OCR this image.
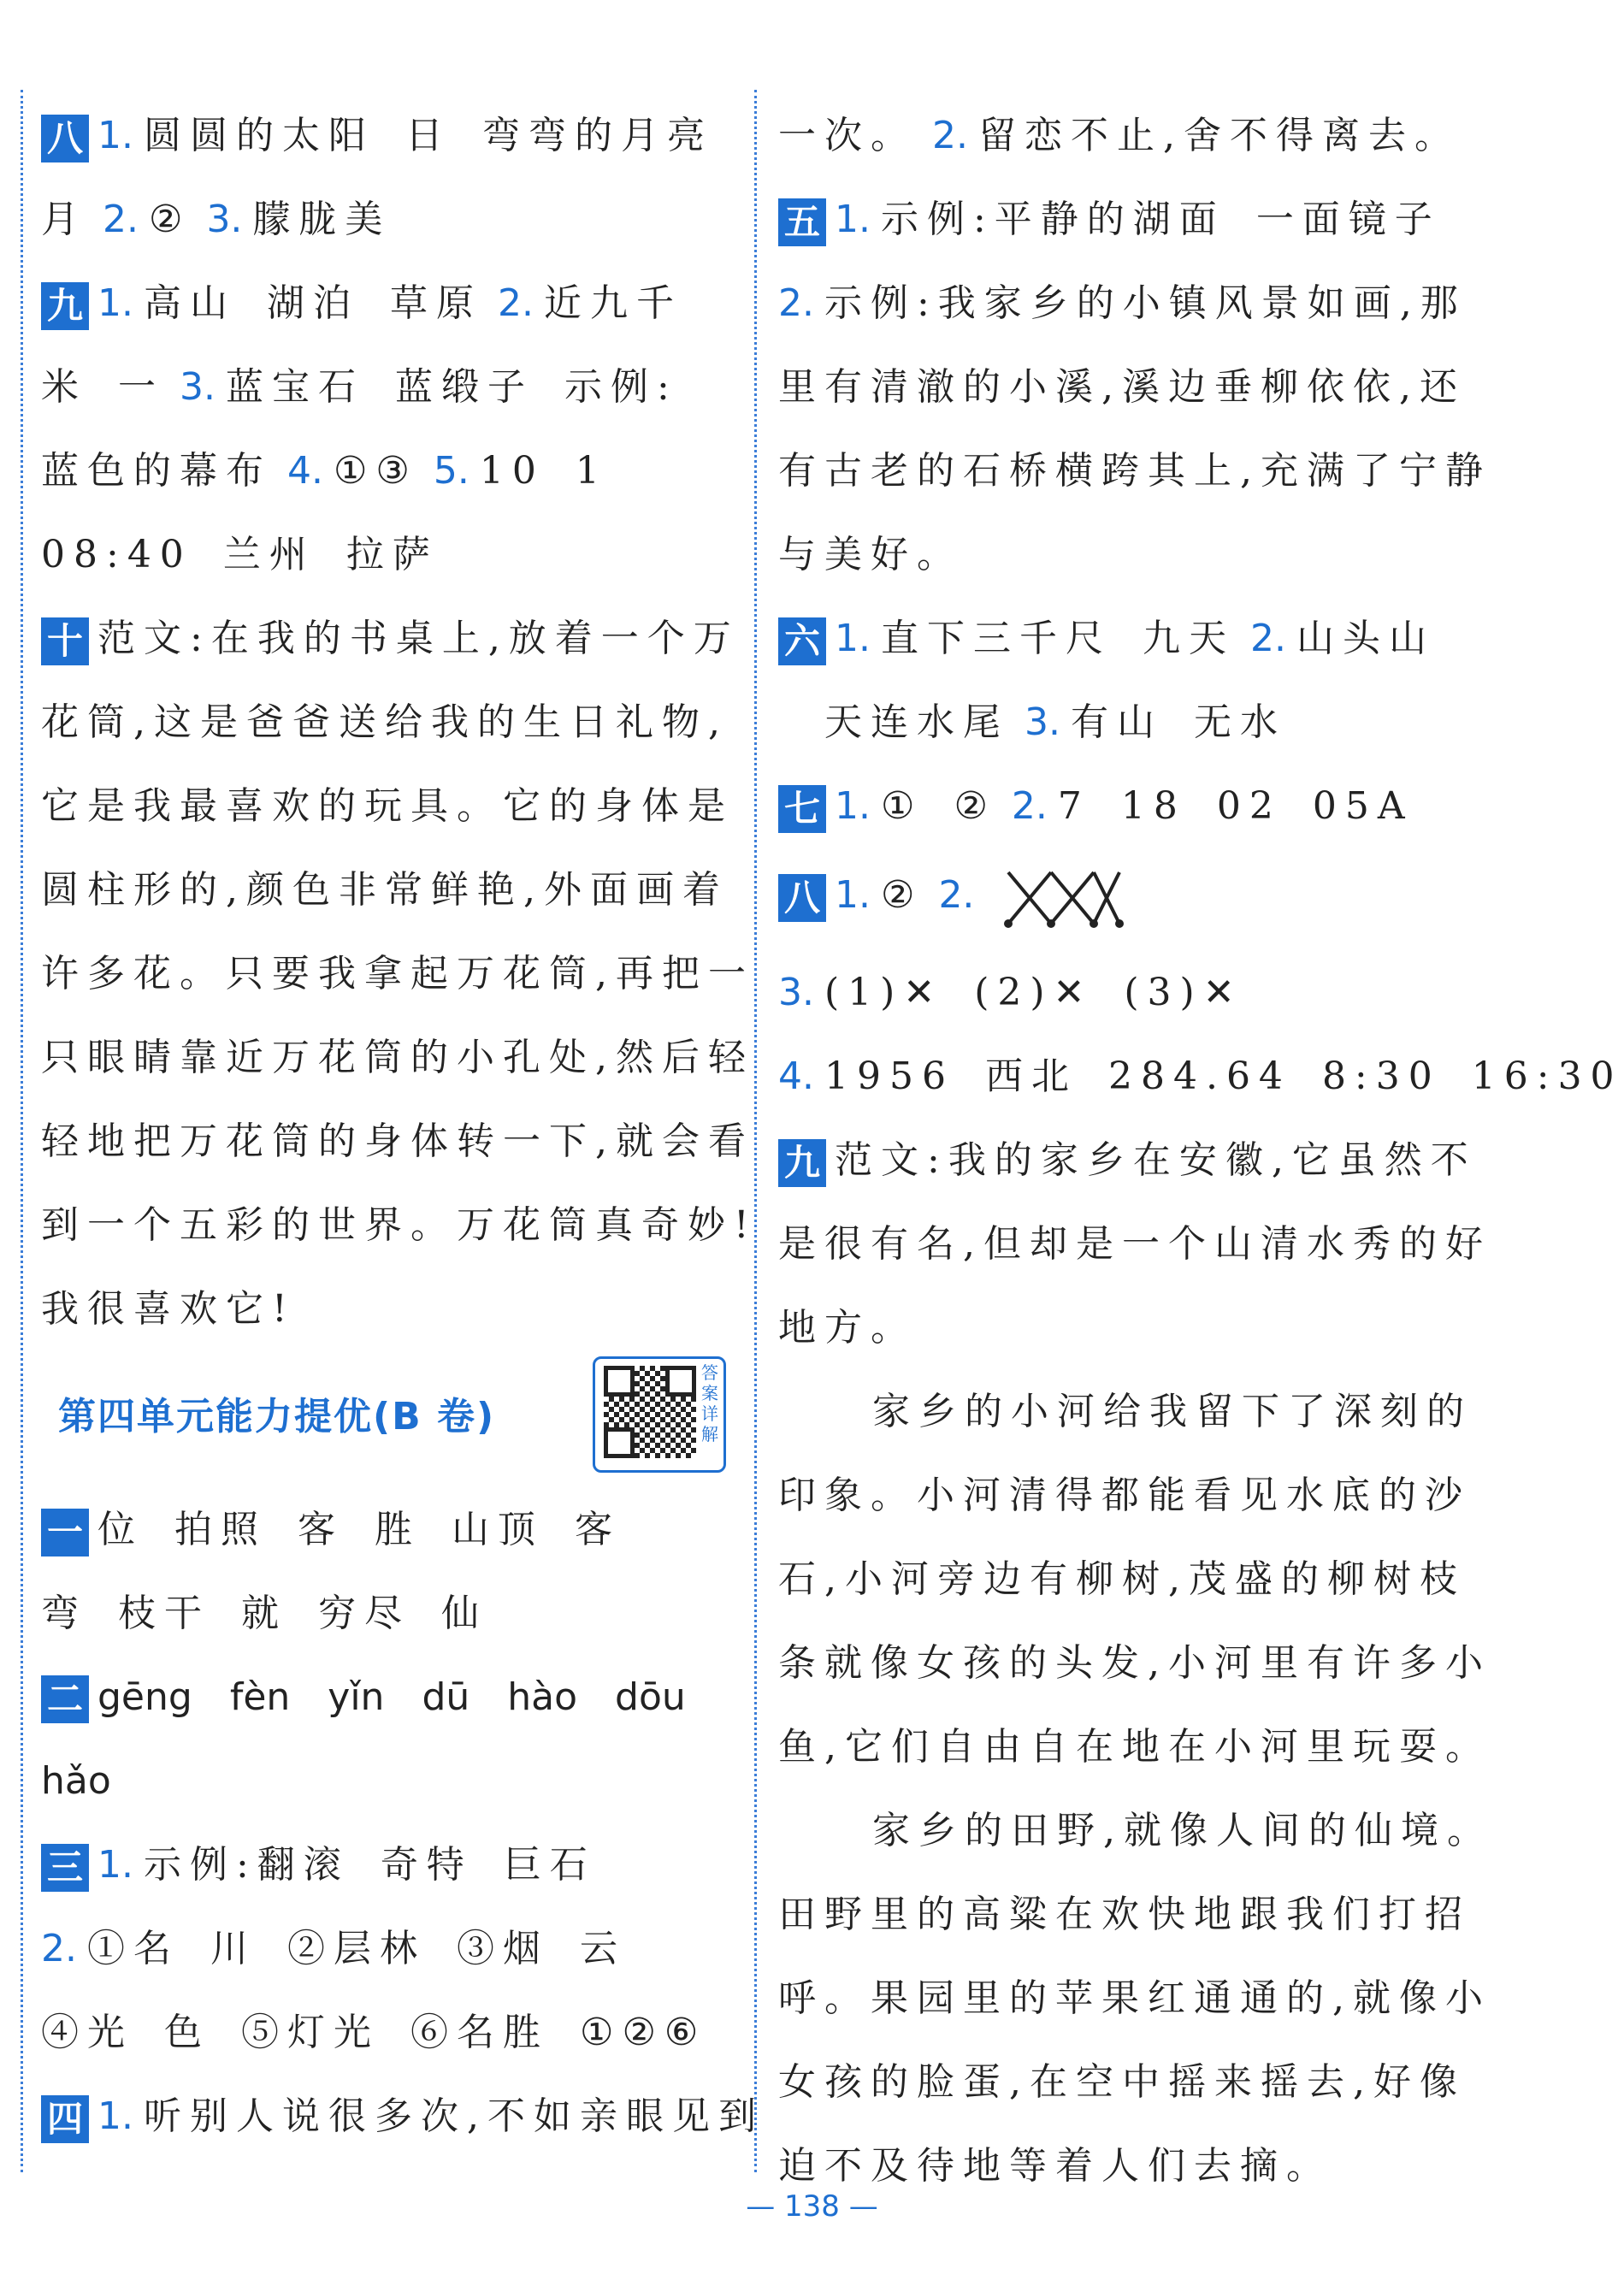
八 1. 圆圆的太阳 日 弯弯的月亮
月 2. ② 3. 朦胧美
九 1. 高山 湖泊 草原 2. 近九千
米 一 3. 蓝宝石 蓝缎子 示例:
蓝色的幕布 4. ①③ 5. 10 1
08:40 兰州 拉萨
十 范文:在我的书桌上,放着一个万
花筒,这是爸爸送给我的生日礼物,
它是我最喜欢的玩具。它的身体是
圆柱形的,颜色非常鲜艳,外面画着
许多花。只要我拿起万花筒,再把一
只眼睛靠近万花筒的小孔处,然后轻
轻地把万花筒的身体转一下,就会看
到一个五彩的世界。万花筒真奇妙!
我很喜欢它!
第四单元能力提优(B 卷)
答案详解
一 位 拍照 客 胜 山顶 客
弯 枝干 就 穷尽 仙
二 gēng fèn yǐn dū hào dōu
hǎo
三 1. 示例:翻滚 奇特 巨石
2. ①名 川 ②层林 ③烟 云
④光 色 ⑤灯光 ⑥名胜 ①②⑥
四 1. 听别人说很多次,不如亲眼见到
一次。 2. 留恋不止,舍不得离去。
五 1. 示例:平静的湖面 一面镜子
2. 示例:我家乡的小镇风景如画,那
里有清澈的小溪,溪边垂柳依依,还
有古老的石桥横跨其上,充满了宁静
与美好。
六 1. 直下三千尺 九天 2. 山头山
天连水尾 3. 有山 无水
七 1. ① ② 2. 7 18 02 05A
八 1. ② 2.
3. (1)✕ (2)✕ (3)✕
4. 1956 西北 284.64 8:30 16:30
九 范文:我的家乡在安徽,它虽然不
是很有名,但却是一个山清水秀的好
地方。
家乡的小河给我留下了深刻的
印象。小河清得都能看见水底的沙
石,小河旁边有柳树,茂盛的柳树枝
条就像女孩的头发,小河里有许多小
鱼,它们自由自在地在小河里玩耍。
家乡的田野,就像人间的仙境。
田野里的高粱在欢快地跟我们打招
呼。果园里的苹果红通通的,就像小
女孩的脸蛋,在空中摇来摇去,好像
迫不及待地等着人们去摘。
— 138 —
